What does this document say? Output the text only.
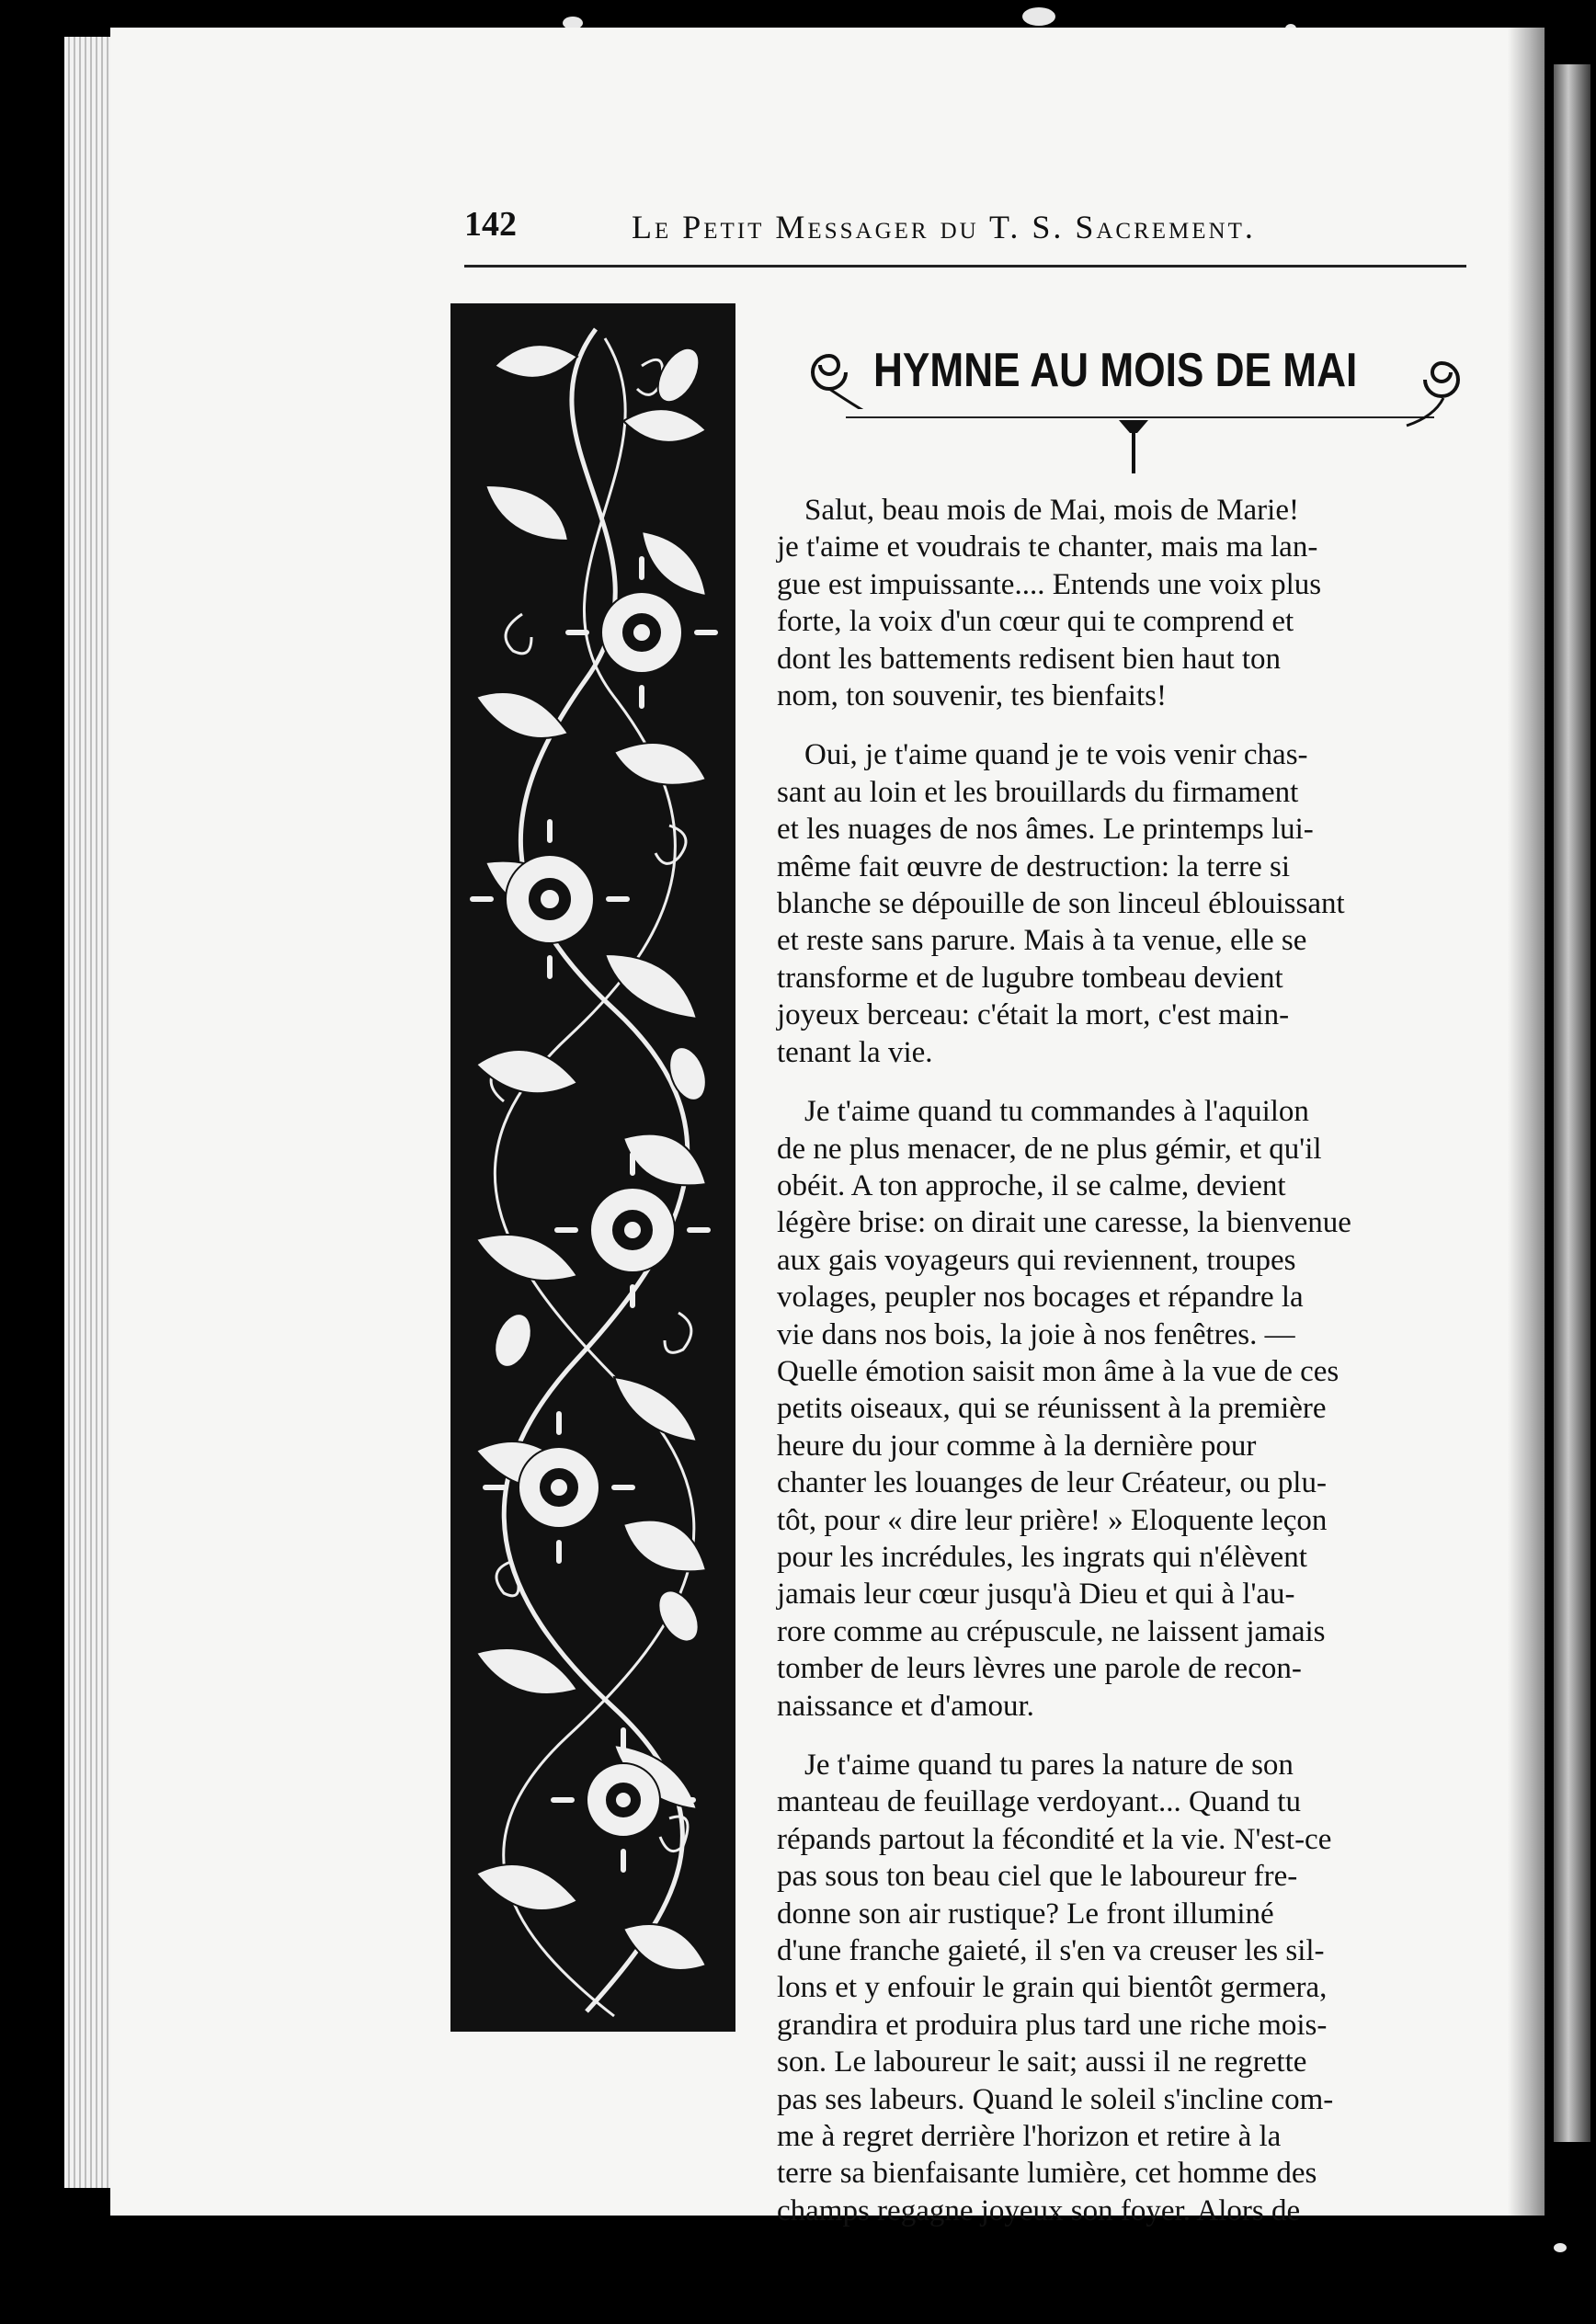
142	Le Petit Messager du T. S. Sacrement.
HYMNE AU MOIS DE MAI

Salut, beau mois de Mai, mois de Marie!
je t'aime et voudrais te chanter, mais ma lan-
gue est impuissante.... Entends une voix plus
forte, la voix d'un cœur qui te comprend et
dont les battements redisent bien haut ton
nom, ton souvenir, tes bienfaits!

Oui, je t'aime quand je te vois venir chas-
sant au loin et les brouillards du firmament
et les nuages de nos âmes. Le printemps lui-
même fait œuvre de destruction: la terre si
blanche se dépouille de son linceul éblouissant
et reste sans parure. Mais à ta venue, elle se
transforme et de lugubre tombeau devient
joyeux berceau: c'était la mort, c'est main-
tenant la vie.

Je t'aime quand tu commandes à l'aquilon
de ne plus menacer, de ne plus gémir, et qu'il
obéit. A ton approche, il se calme, devient
légère brise: on dirait une caresse, la bienvenue
aux gais voyageurs qui reviennent, troupes
volages, peupler nos bocages et répandre la
vie dans nos bois, la joie à nos fenêtres. —
Quelle émotion saisit mon âme à la vue de ces
petits oiseaux, qui se réunissent à la première
heure du jour comme à la dernière pour
chanter les louanges de leur Créateur, ou plu-
tôt, pour « dire leur prière! » Eloquente leçon
pour les incrédules, les ingrats qui n'élèvent
jamais leur cœur jusqu'à Dieu et qui à l'au-
rore comme au crépuscule, ne laissent jamais
tomber de leurs lèvres une parole de recon-
naissance et d'amour.

Je t'aime quand tu pares la nature de son
manteau de feuillage verdoyant... Quand tu
répands partout la fécondité et la vie. N'est-ce
pas sous ton beau ciel que le laboureur fre-
donne son air rustique? Le front illuminé
d'une franche gaieté, il s'en va creuser les sil-
lons et y enfouir le grain qui bientôt germera,
grandira et produira plus tard une riche mois-
son. Le laboureur le sait; aussi il ne regrette
pas ses labeurs. Quand le soleil s'incline com-
me à regret derrière l'horizon et retire à la
terre sa bienfaisante lumière, cet homme des
champs regagne joyeux son foyer. Alors de
